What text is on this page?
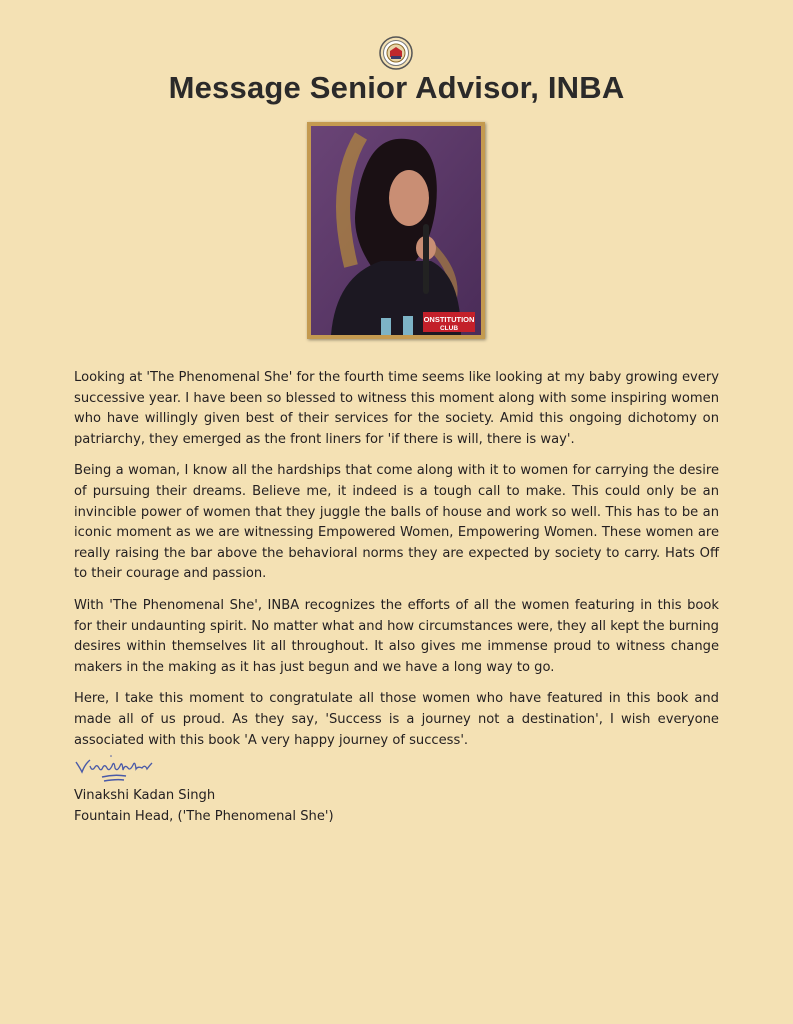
Message Senior Advisor, INBA
ONSTITUTION
CLUB

Looking at 'The Phenomenal She' for the fourth time seems like looking at my baby growing every successive year. I have been so blessed to witness this moment along with some inspiring women who have willingly given best of their services for the society. Amid this ongoing dichotomy on patriarchy, they emerged as the front liners for 'if there is will, there is way'.

Being a woman, I know all the hardships that come along with it to women for carrying the desire of pursuing their dreams. Believe me, it indeed is a tough call to make. This could only be an invincible power of women that they juggle the balls of house and work so well. This has to be an iconic moment as we are witnessing Empowered Women, Empowering Women. These women are really raising the bar above the behavioral norms they are expected by society to carry. Hats Off to their courage and passion.

With 'The Phenomenal She', INBA recognizes the efforts of all the women featuring in this book for their undaunting spirit. No matter what and how circumstances were, they all kept the burning desires within themselves lit all throughout. It also gives me immense proud to witness change makers in the making as it has just begun and we have a long way to go.

Here, I take this moment to congratulate all those women who have featured in this book and made all of us proud. As they say, 'Success is a journey not a destination', I wish everyone associated with this book 'A very happy journey of success'.

Vinakshi Kadan Singh
Fountain Head, ('The Phenomenal She')
